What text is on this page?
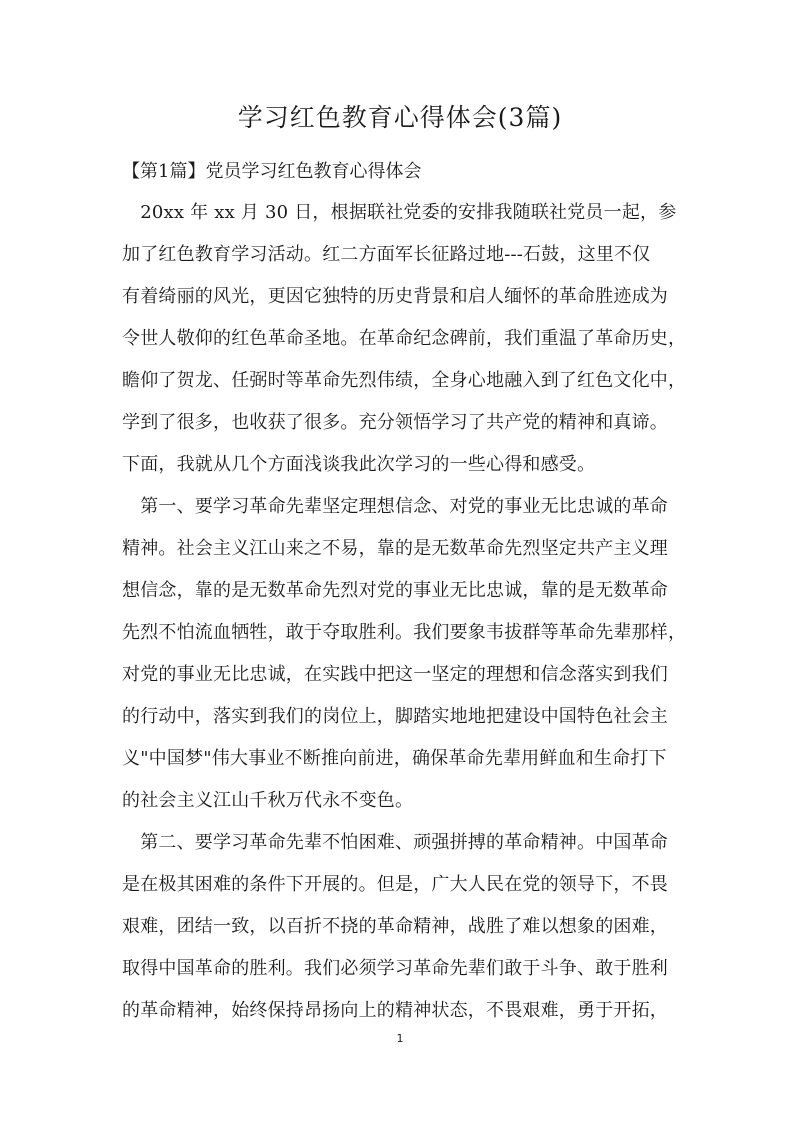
学习红色教育心得体会(3篇)
【第1篇】党员学习红色教育心得体会
　20xx 年 xx 月 30 日，根据联社党委的安排我随联社党员一起，参
加了红色教育学习活动。红二方面军长征路过地---石鼓，这里不仅
有着绮丽的风光，更因它独特的历史背景和启人缅怀的革命胜迹成为
令世人敬仰的红色革命圣地。在革命纪念碑前，我们重温了革命历史，
瞻仰了贺龙、任弼时等革命先烈伟绩，全身心地融入到了红色文化中，
学到了很多，也收获了很多。充分领悟学习了共产党的精神和真谛。
下面，我就从几个方面浅谈我此次学习的一些心得和感受。
　第一、要学习革命先辈坚定理想信念、对党的事业无比忠诚的革命
精神。社会主义江山来之不易，靠的是无数革命先烈坚定共产主义理
想信念，靠的是无数革命先烈对党的事业无比忠诚，靠的是无数革命
先烈不怕流血牺牲，敢于夺取胜利。我们要象韦拔群等革命先辈那样，
对党的事业无比忠诚，在实践中把这一坚定的理想和信念落实到我们
的行动中，落实到我们的岗位上，脚踏实地地把建设中国特色社会主
义"中国梦"伟大事业不断推向前进，确保革命先辈用鲜血和生命打下
的社会主义江山千秋万代永不变色。
　第二、要学习革命先辈不怕困难、顽强拼搏的革命精神。中国革命
是在极其困难的条件下开展的。但是，广大人民在党的领导下，不畏
艰难，团结一致，以百折不挠的革命精神，战胜了难以想象的困难，
取得中国革命的胜利。我们必须学习革命先辈们敢于斗争、敢于胜利
的革命精神，始终保持昂扬向上的精神状态，不畏艰难，勇于开拓，
1
